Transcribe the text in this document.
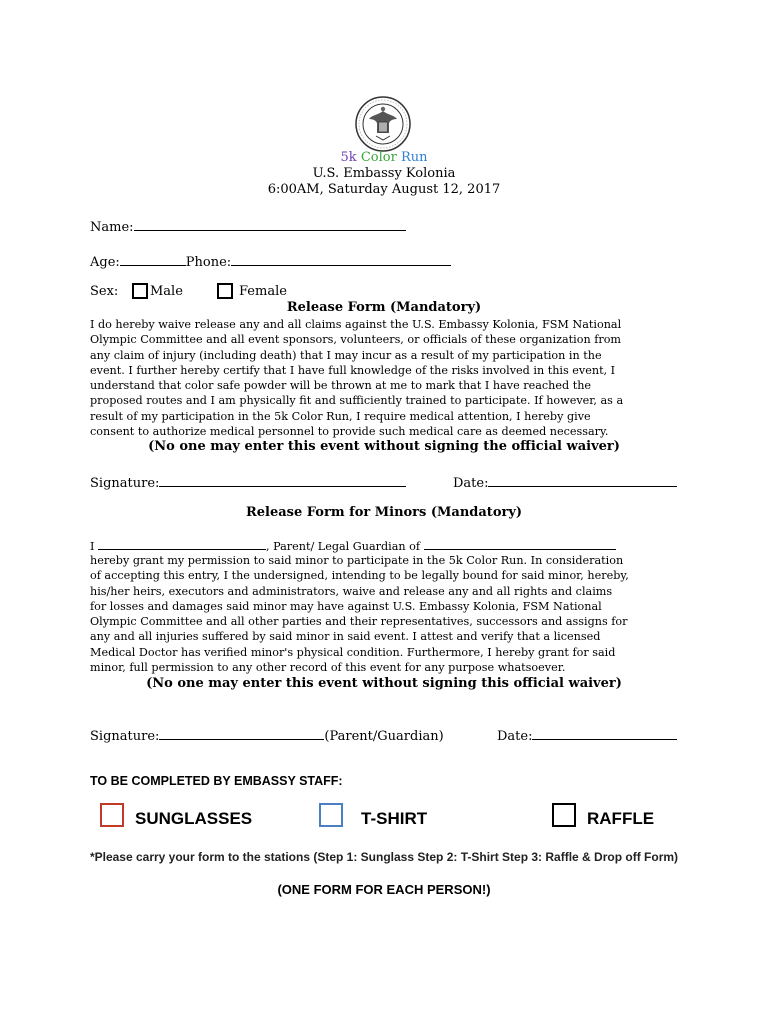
5k Color Run
U.S. Embassy Kolonia
6:00AM, Saturday August 12, 2017
Name:
Age:	Phone:
Sex: Male	Female
Release Form (Mandatory)
I do hereby waive release any and all claims against the U.S. Embassy Kolonia, FSM National
Olympic Committee and all event sponsors, volunteers, or officials of these organization from
any claim of injury (including death) that I may incur as a result of my participation in the
event. I further hereby certify that I have full knowledge of the risks involved in this event, I
understand that color safe powder will be thrown at me to mark that I have reached the
proposed routes and I am physically fit and sufficiently trained to participate. If however, as a
result of my participation in the 5k Color Run, I require medical attention, I hereby give
consent to authorize medical personnel to provide such medical care as deemed necessary.
(No one may enter this event without signing the official waiver)
Signature:	Date:
Release Form for Minors (Mandatory)
I	, Parent/ Legal Guardian of
hereby grant my permission to said minor to participate in the 5k Color Run. In consideration
of accepting this entry, I the undersigned, intending to be legally bound for said minor, hereby,
his/her heirs, executors and administrators, waive and release any and all rights and claims
for losses and damages said minor may have against U.S. Embassy Kolonia, FSM National
Olympic Committee and all other parties and their representatives, successors and assigns for
any and all injuries suffered by said minor in said event. I attest and verify that a licensed
Medical Doctor has verified minor's physical condition. Furthermore, I hereby grant for said
minor, full permission to any other record of this event for any purpose whatsoever.
(No one may enter this event without signing this official waiver)
Signature:	(Parent/Guardian)	Date:
TO BE COMPLETED BY EMBASSY STAFF:
SUNGLASSES	T-SHIRT	RAFFLE
*Please carry your form to the stations (Step 1: Sunglass Step 2: T-Shirt Step 3: Raffle & Drop off Form)
(ONE FORM FOR EACH PERSON!)
